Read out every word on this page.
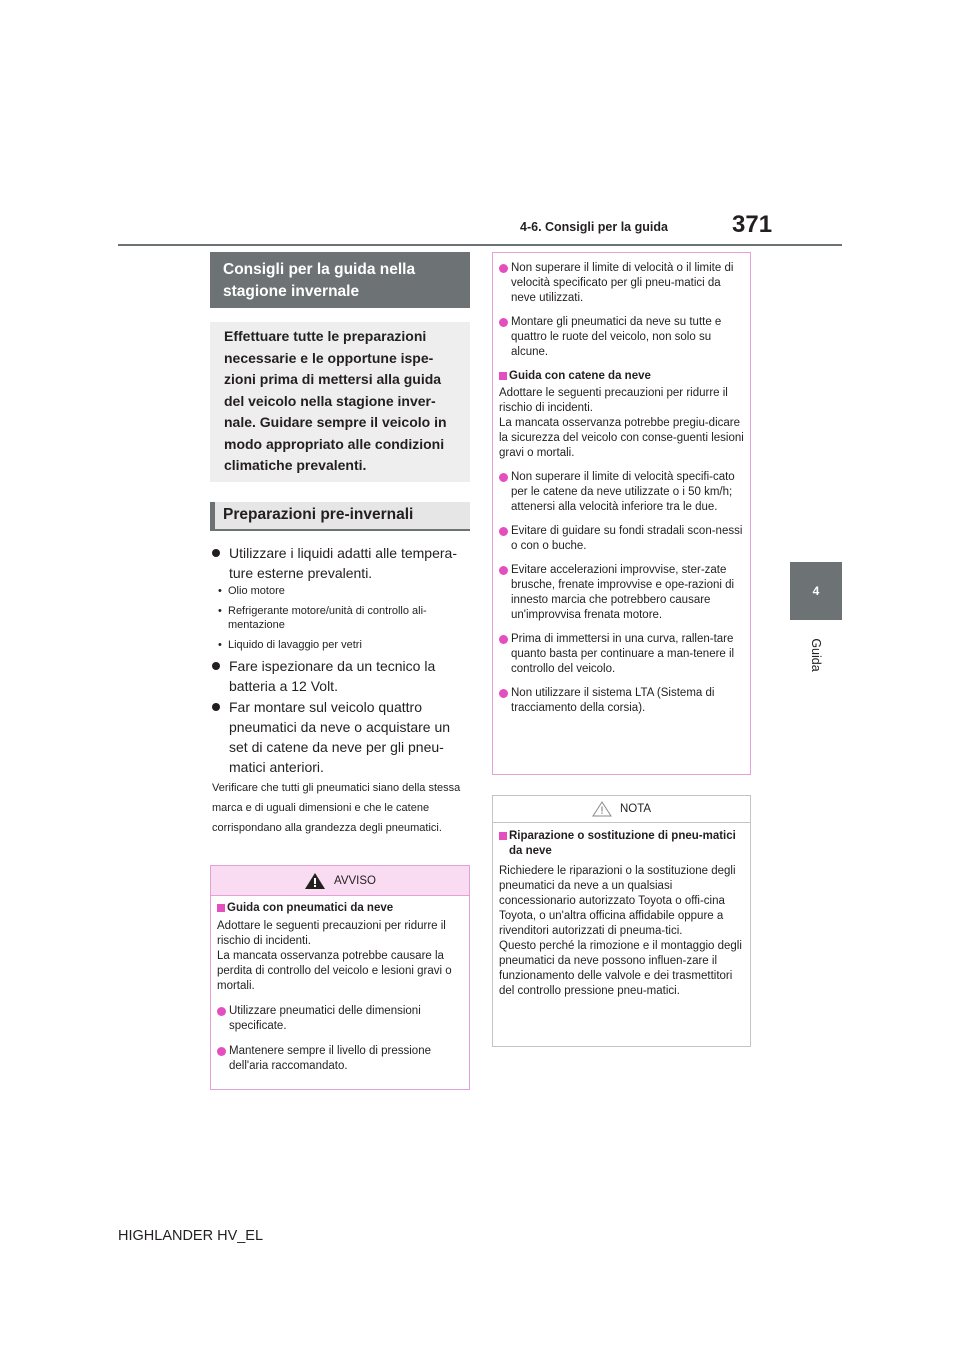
4-6. Consigli per la guida	371
4
Guida
Consigli per la guida nella stagione invernale
Effettuare tutte le preparazioni necessarie e le opportune ispe-zioni prima di mettersi alla guida del veicolo nella stagione inver-nale. Guidare sempre il veicolo in modo appropriato alle condizioni climatiche prevalenti.
Preparazioni pre-invernali
Utilizzare i liquidi adatti alle tempera-ture esterne prevalenti.
• Olio motore
• Refrigerante motore/unità di controllo ali-mentazione
• Liquido di lavaggio per vetri
Fare ispezionare da un tecnico la batteria a 12 Volt.
Far montare sul veicolo quattro pneumatici da neve o acquistare un set di catene da neve per gli pneu-matici anteriori.
Verificare che tutti gli pneumatici siano della stessa marca e di uguali dimensioni e che le catene corrispondano alla grandezza degli pneumatici.
AVVISO
Guida con pneumatici da neve
Adottare le seguenti precauzioni per ridurre il rischio di incidenti.
La mancata osservanza potrebbe causare la perdita di controllo del veicolo e lesioni gravi o mortali.
Utilizzare pneumatici delle dimensioni specificate.
Mantenere sempre il livello di pressione dell'aria raccomandato.
Non superare il limite di velocità o il limite di velocità specificato per gli pneu-matici da neve utilizzati.
Montare gli pneumatici da neve su tutte e quattro le ruote del veicolo, non solo su alcune.
Guida con catene da neve
Adottare le seguenti precauzioni per ridurre il rischio di incidenti.
La mancata osservanza potrebbe pregiu-dicare la sicurezza del veicolo con conse-guenti lesioni gravi o mortali.
Non superare il limite di velocità specifi-cato per le catene da neve utilizzate o i 50 km/h; attenersi alla velocità inferiore tra le due.
Evitare di guidare su fondi stradali scon-nessi o con o buche.
Evitare accelerazioni improvvise, ster-zate brusche, frenate improvvise e ope-razioni di innesto marcia che potrebbero causare un'improvvisa frenata motore.
Prima di immettersi in una curva, rallen-tare quanto basta per continuare a man-tenere il controllo del veicolo.
Non utilizzare il sistema LTA (Sistema di tracciamento della corsia).
NOTA
Riparazione o sostituzione di pneu-matici da neve
Richiedere le riparazioni o la sostituzione degli pneumatici da neve a un qualsiasi concessionario autorizzato Toyota o offi-cina Toyota, o un'altra officina affidabile oppure a rivenditori autorizzati di pneuma-tici.
Questo perché la rimozione e il montaggio degli pneumatici da neve possono influen-zare il funzionamento delle valvole e dei trasmettitori del controllo pressione pneu-matici.
HIGHLANDER HV_EL
